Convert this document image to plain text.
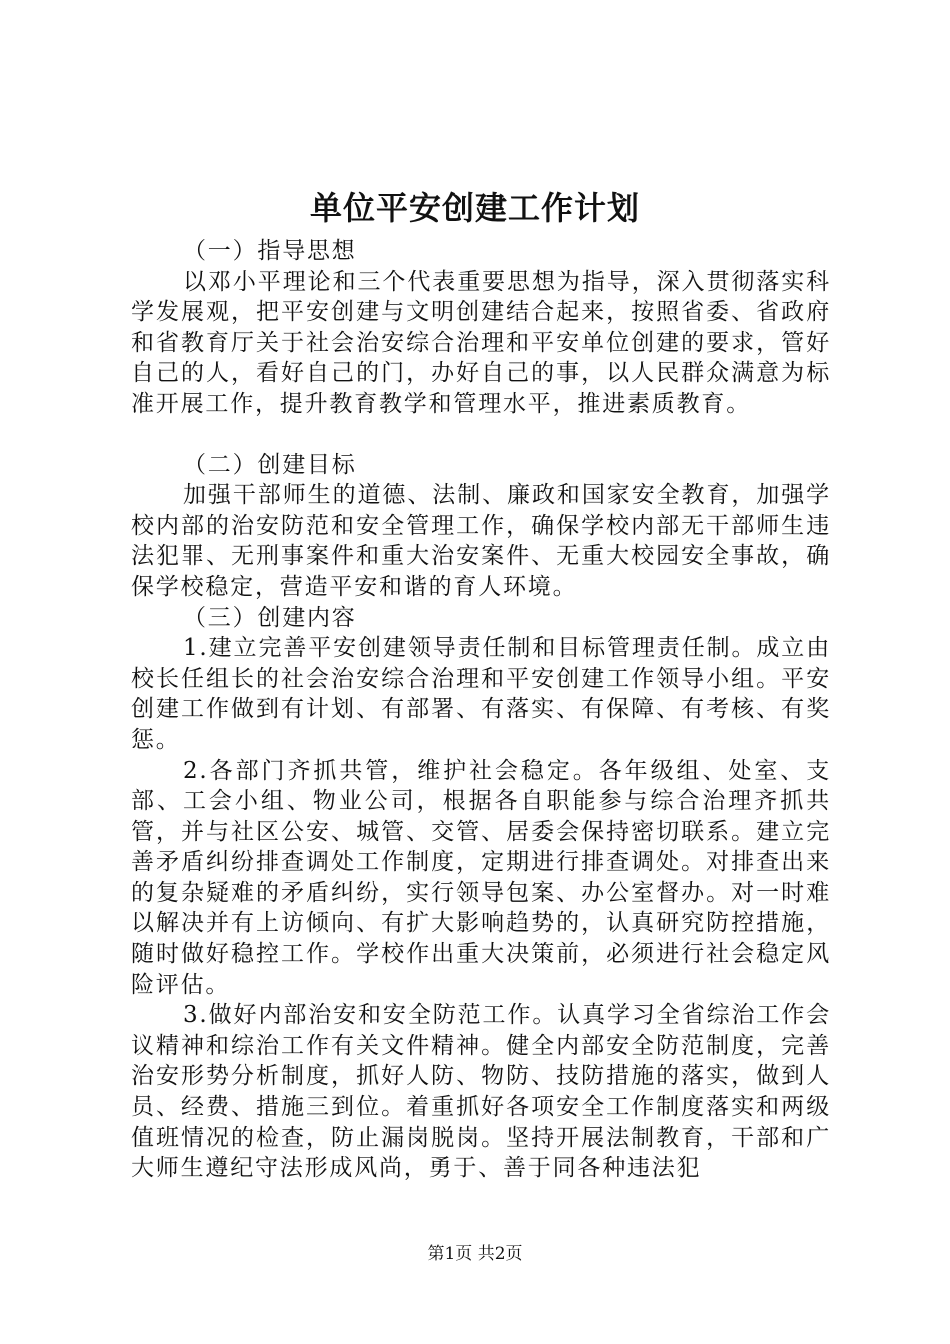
单位平安创建工作计划

（一）指导思想

以邓小平理论和三个代表重要思想为指导，深入贯彻落实科学发展观，把平安创建与文明创建结合起来，按照省委、省政府和省教育厅关于社会治安综合治理和平安单位创建的要求，管好自己的人，看好自己的门，办好自己的事，以人民群众满意为标准开展工作，提升教育教学和管理水平，推进素质教育。

（二）创建目标

加强干部师生的道德、法制、廉政和国家安全教育，加强学校内部的治安防范和安全管理工作，确保学校内部无干部师生违法犯罪、无刑事案件和重大治安案件、无重大校园安全事故，确保学校稳定，营造平安和谐的育人环境。

（三）创建内容

1.建立完善平安创建领导责任制和目标管理责任制。成立由校长任组长的社会治安综合治理和平安创建工作领导小组。平安创建工作做到有计划、有部署、有落实、有保障、有考核、有奖惩。

2.各部门齐抓共管，维护社会稳定。各年级组、处室、支部、工会小组、物业公司，根据各自职能参与综合治理齐抓共管，并与社区公安、城管、交管、居委会保持密切联系。建立完善矛盾纠纷排查调处工作制度，定期进行排查调处。对排查出来的复杂疑难的矛盾纠纷，实行领导包案、办公室督办。对一时难以解决并有上访倾向、有扩大影响趋势的，认真研究防控措施，随时做好稳控工作。学校作出重大决策前，必须进行社会稳定风险评估。

3.做好内部治安和安全防范工作。认真学习全省综治工作会议精神和综治工作有关文件精神。健全内部安全防范制度，完善治安形势分析制度，抓好人防、物防、技防措施的落实，做到人员、经费、措施三到位。着重抓好各项安全工作制度落实和两级值班情况的检查，防止漏岗脱岗。坚持开展法制教育，干部和广大师生遵纪守法形成风尚，勇于、善于同各种违法犯

第1页 共2页
